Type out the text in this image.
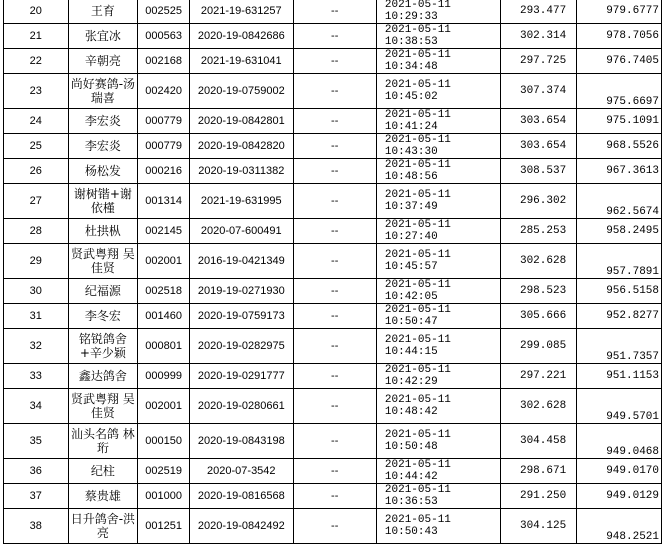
20	王育	002525	2021-19-631257	--	2021-05-11 10:29:33	293.477	979.6777
21	张宜冰	000563	2020-19-0842686	--	2021-05-11 10:38:53	302.314	978.7056
22	辛朝亮	002168	2021-19-631041	--	2021-05-11 10:34:48	297.725	976.7405
23	尚好赛鸽-汤瑞喜	002420	2020-19-0759002	--	2021-05-11 10:45:02	307.374	975.6697
24	李宏炎	000779	2020-19-0842801	--	2021-05-11 10:41:24	303.654	975.1091
25	李宏炎	000779	2020-19-0842820	--	2021-05-11 10:43:30	303.654	968.5526
26	杨松发	000216	2020-19-0311382	--	2021-05-11 10:48:56	308.537	967.3613
27	谢树锴+谢依槿	001314	2021-19-631995	--	2021-05-11 10:37:49	296.302	962.5674
28	杜拱枞	002145	2020-07-600491	--	2021-05-11 10:27:40	285.253	958.2495
29	贤武粤翔 吴佳贤	002001	2016-19-0421349	--	2021-05-11 10:45:57	302.628	957.7891
30	纪福源	002518	2019-19-0271930	--	2021-05-11 10:42:05	298.523	956.5158
31	李冬宏	001460	2020-19-0759173	--	2021-05-11 10:50:47	305.666	952.8277
32	铭锐鸽舍+辛少颖	000801	2020-19-0282975	--	2021-05-11 10:44:15	299.085	951.7357
33	鑫达鸽舍	000999	2020-19-0291777	--	2021-05-11 10:42:29	297.221	951.1153
34	贤武粤翔 吴佳贤	002001	2020-19-0280661	--	2021-05-11 10:48:42	302.628	949.5701
35	汕头名鸽 林珩	000150	2020-19-0843198	--	2021-05-11 10:50:48	304.458	949.0468
36	纪柱	002519	2020-07-3542	--	2021-05-11 10:44:42	298.671	949.0170
37	蔡贵雄	001000	2020-19-0816568	--	2021-05-11 10:36:53	291.250	949.0129
38	日升鸽舍-洪亮	001251	2020-19-0842492	--	2021-05-11 10:50:43	304.125	948.2521
